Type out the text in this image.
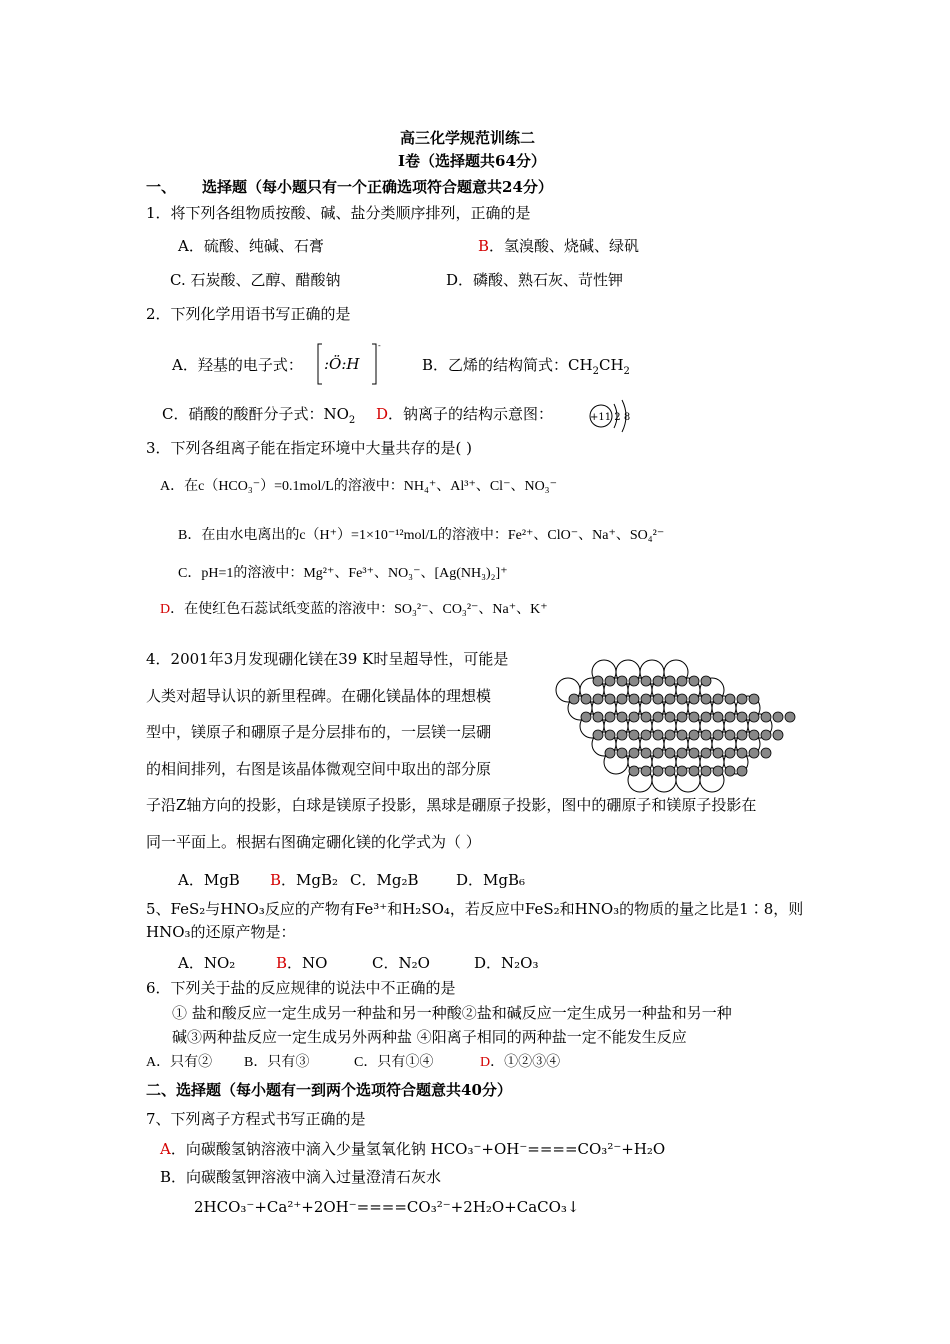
高三化学规范训练二
Ⅰ卷（选择题共64分）
一、 选择题（每小题只有一个正确选项符合题意共24分）
1．将下列各组物质按酸、碱、盐分类顺序排列，正确的是
A．硫酸、纯碱、石膏	B．氢溴酸、烧碱、绿矾
C. 石炭酸、乙醇、醋酸钠	D．磷酸、熟石灰、苛性钾
2．下列化学用语书写正确的是
A．羟基的电子式：
-
:Ö:H	B．乙烯的结构简式：$CH_2CH_2$
C．硝酸的酸酐分子式：$NO_2$ D．钠离子的结构示意图：	+11 2 8
3．下列各组离子能在指定环境中大量共存的是( )
A．在c（HCO₃⁻）=0.1mol/L的溶液中：NH₄⁺、Al³⁺、Cl⁻、NO₃⁻
B．在由水电离出的c（H⁺）=1×10⁻¹²mol/L的溶液中：Fe²⁺、ClO⁻、Na⁺、SO₄²⁻
C．pH=1的溶液中：Mg²⁺、Fe³⁺、NO₃⁻、[Ag(NH₃)₂]⁺
D．在使红色石蕊试纸变蓝的溶液中：SO₃²⁻、CO₃²⁻、Na⁺、K⁺
4．2001年3月发现硼化镁在39 K时呈超导性，可能是
人类对超导认识的新里程碑。在硼化镁晶体的理想模
型中，镁原子和硼原子是分层排布的，一层镁一层硼
的相间排列，右图是该晶体微观空间中取出的部分原
子沿Z轴方向的投影，白球是镁原子投影，黑球是硼原子投影，图中的硼原子和镁原子投影在
同一平面上。根据右图确定硼化镁的化学式为（ ）
A．MgB B．MgB₂ C．Mg₂B	D．MgB₆
5、FeS₂与HNO₃反应的产物有Fe³⁺和H₂SO₄，若反应中FeS₂和HNO₃的物质的量之比是1∶8，则
HNO₃的还原产物是：
A．NO₂	B．NO	C．N₂O	D．N₂O₃
6．下列关于盐的反应规律的说法中不正确的是
① 盐和酸反应一定生成另一种盐和另一种酸②盐和碱反应一定生成另一种盐和另一种
碱③两种盐反应一定生成另外两种盐 ④阳离子相同的两种盐一定不能发生反应
A．只有② B．只有③	C．只有①④	D．①②③④
二、选择题（每小题有一到两个选项符合题意共40分）
7、下列离子方程式书写正确的是
A．向碳酸氢钠溶液中滴入少量氢氧化钠 HCO₃⁻+OH⁻====CO₃²⁻+H₂O
B．向碳酸氢钾溶液中滴入过量澄清石灰水
2HCO₃⁻+Ca²⁺+2OH⁻====CO₃²⁻+2H₂O+CaCO₃↓
